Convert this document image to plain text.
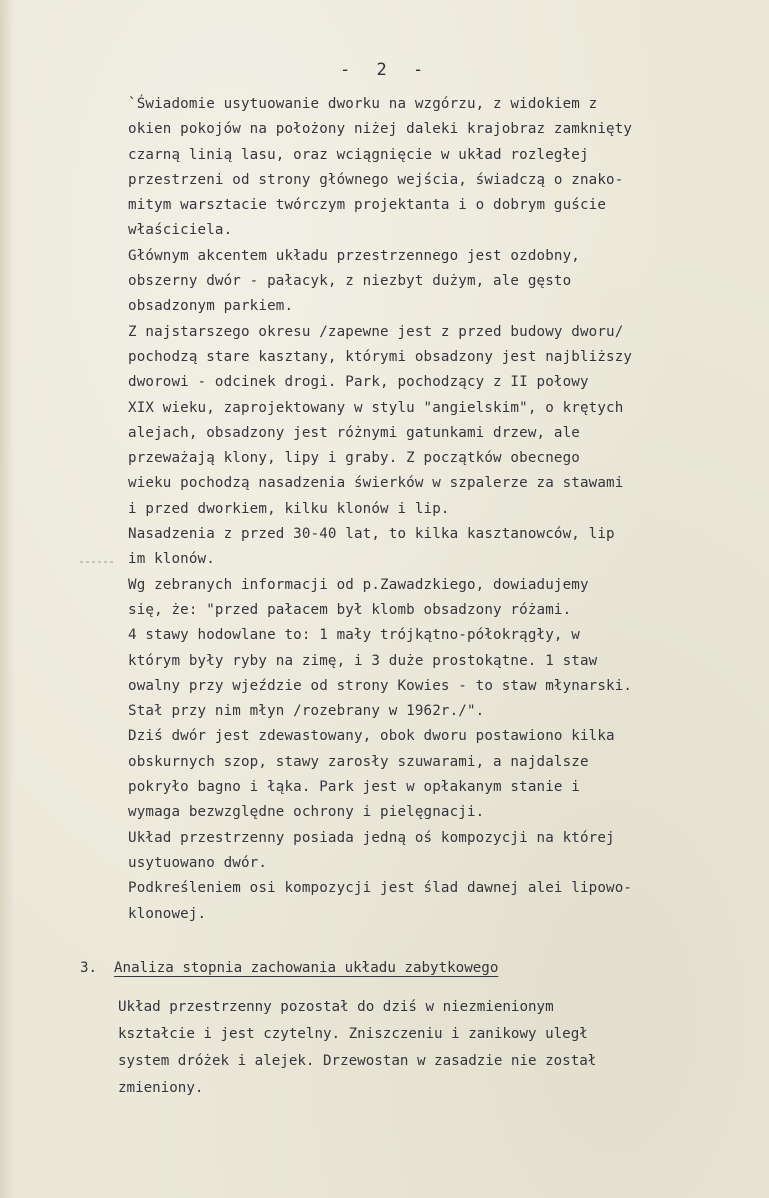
- 2 -
`Świadomie usytuowanie dworku na wzgórzu, z widokiem z
okien pokojów na położony niżej daleki krajobraz zamknięty
czarną linią lasu, oraz wciągnięcie w układ rozległej
przestrzeni od strony głównego wejścia, świadczą o znako-
mitym warsztacie twórczym projektanta i o dobrym guście
właściciela.
Głównym akcentem układu przestrzennego jest ozdobny,
obszerny dwór - pałacyk, z niezbyt dużym, ale gęsto
obsadzonym parkiem.
Z najstarszego okresu /zapewne jest z przed budowy dworu/
pochodzą stare kasztany, którymi obsadzony jest najbliższy
dworowi - odcinek drogi. Park, pochodzący z II połowy
XIX wieku, zaprojektowany w stylu "angielskim", o krętych
alejach, obsadzony jest różnymi gatunkami drzew, ale
przeważają klony, lipy i graby. Z początków obecnego
wieku pochodzą nasadzenia świerków w szpalerze za stawami
i przed dworkiem, kilku klonów i lip.
Nasadzenia z przed 30-40 lat, to kilka kasztanowców, lip
im klonów.
Wg zebranych informacji od p.Zawadzkiego, dowiadujemy
się, że: "przed pałacem był klomb obsadzony różami.
4 stawy hodowlane to: 1 mały trójkątno-półokrągły, w
którym były ryby na zimę, i 3 duże prostokątne. 1 staw
owalny przy wjeździe od strony Kowies - to staw młynarski.
Stał przy nim młyn /rozebrany w 1962r./".
Dziś dwór jest zdewastowany, obok dworu postawiono kilka
obskurnych szop, stawy zarosły szuwarami, a najdalsze
pokryło bagno i łąka. Park jest w opłakanym stanie i
wymaga bezwzględne ochrony i pielęgnacji.
Układ przestrzenny posiada jedną oś kompozycji na której
usytuowano dwór.
Podkreśleniem osi kompozycji jest ślad dawnej alei lipowo-
klonowej.
3. Analiza stopnia zachowania układu zabytkowego
Układ przestrzenny pozostał do dziś w niezmienionym
kształcie i jest czytelny. Zniszczeniu i zanikowy uległ
system dróżek i alejek. Drzewostan w zasadzie nie został
zmieniony.
